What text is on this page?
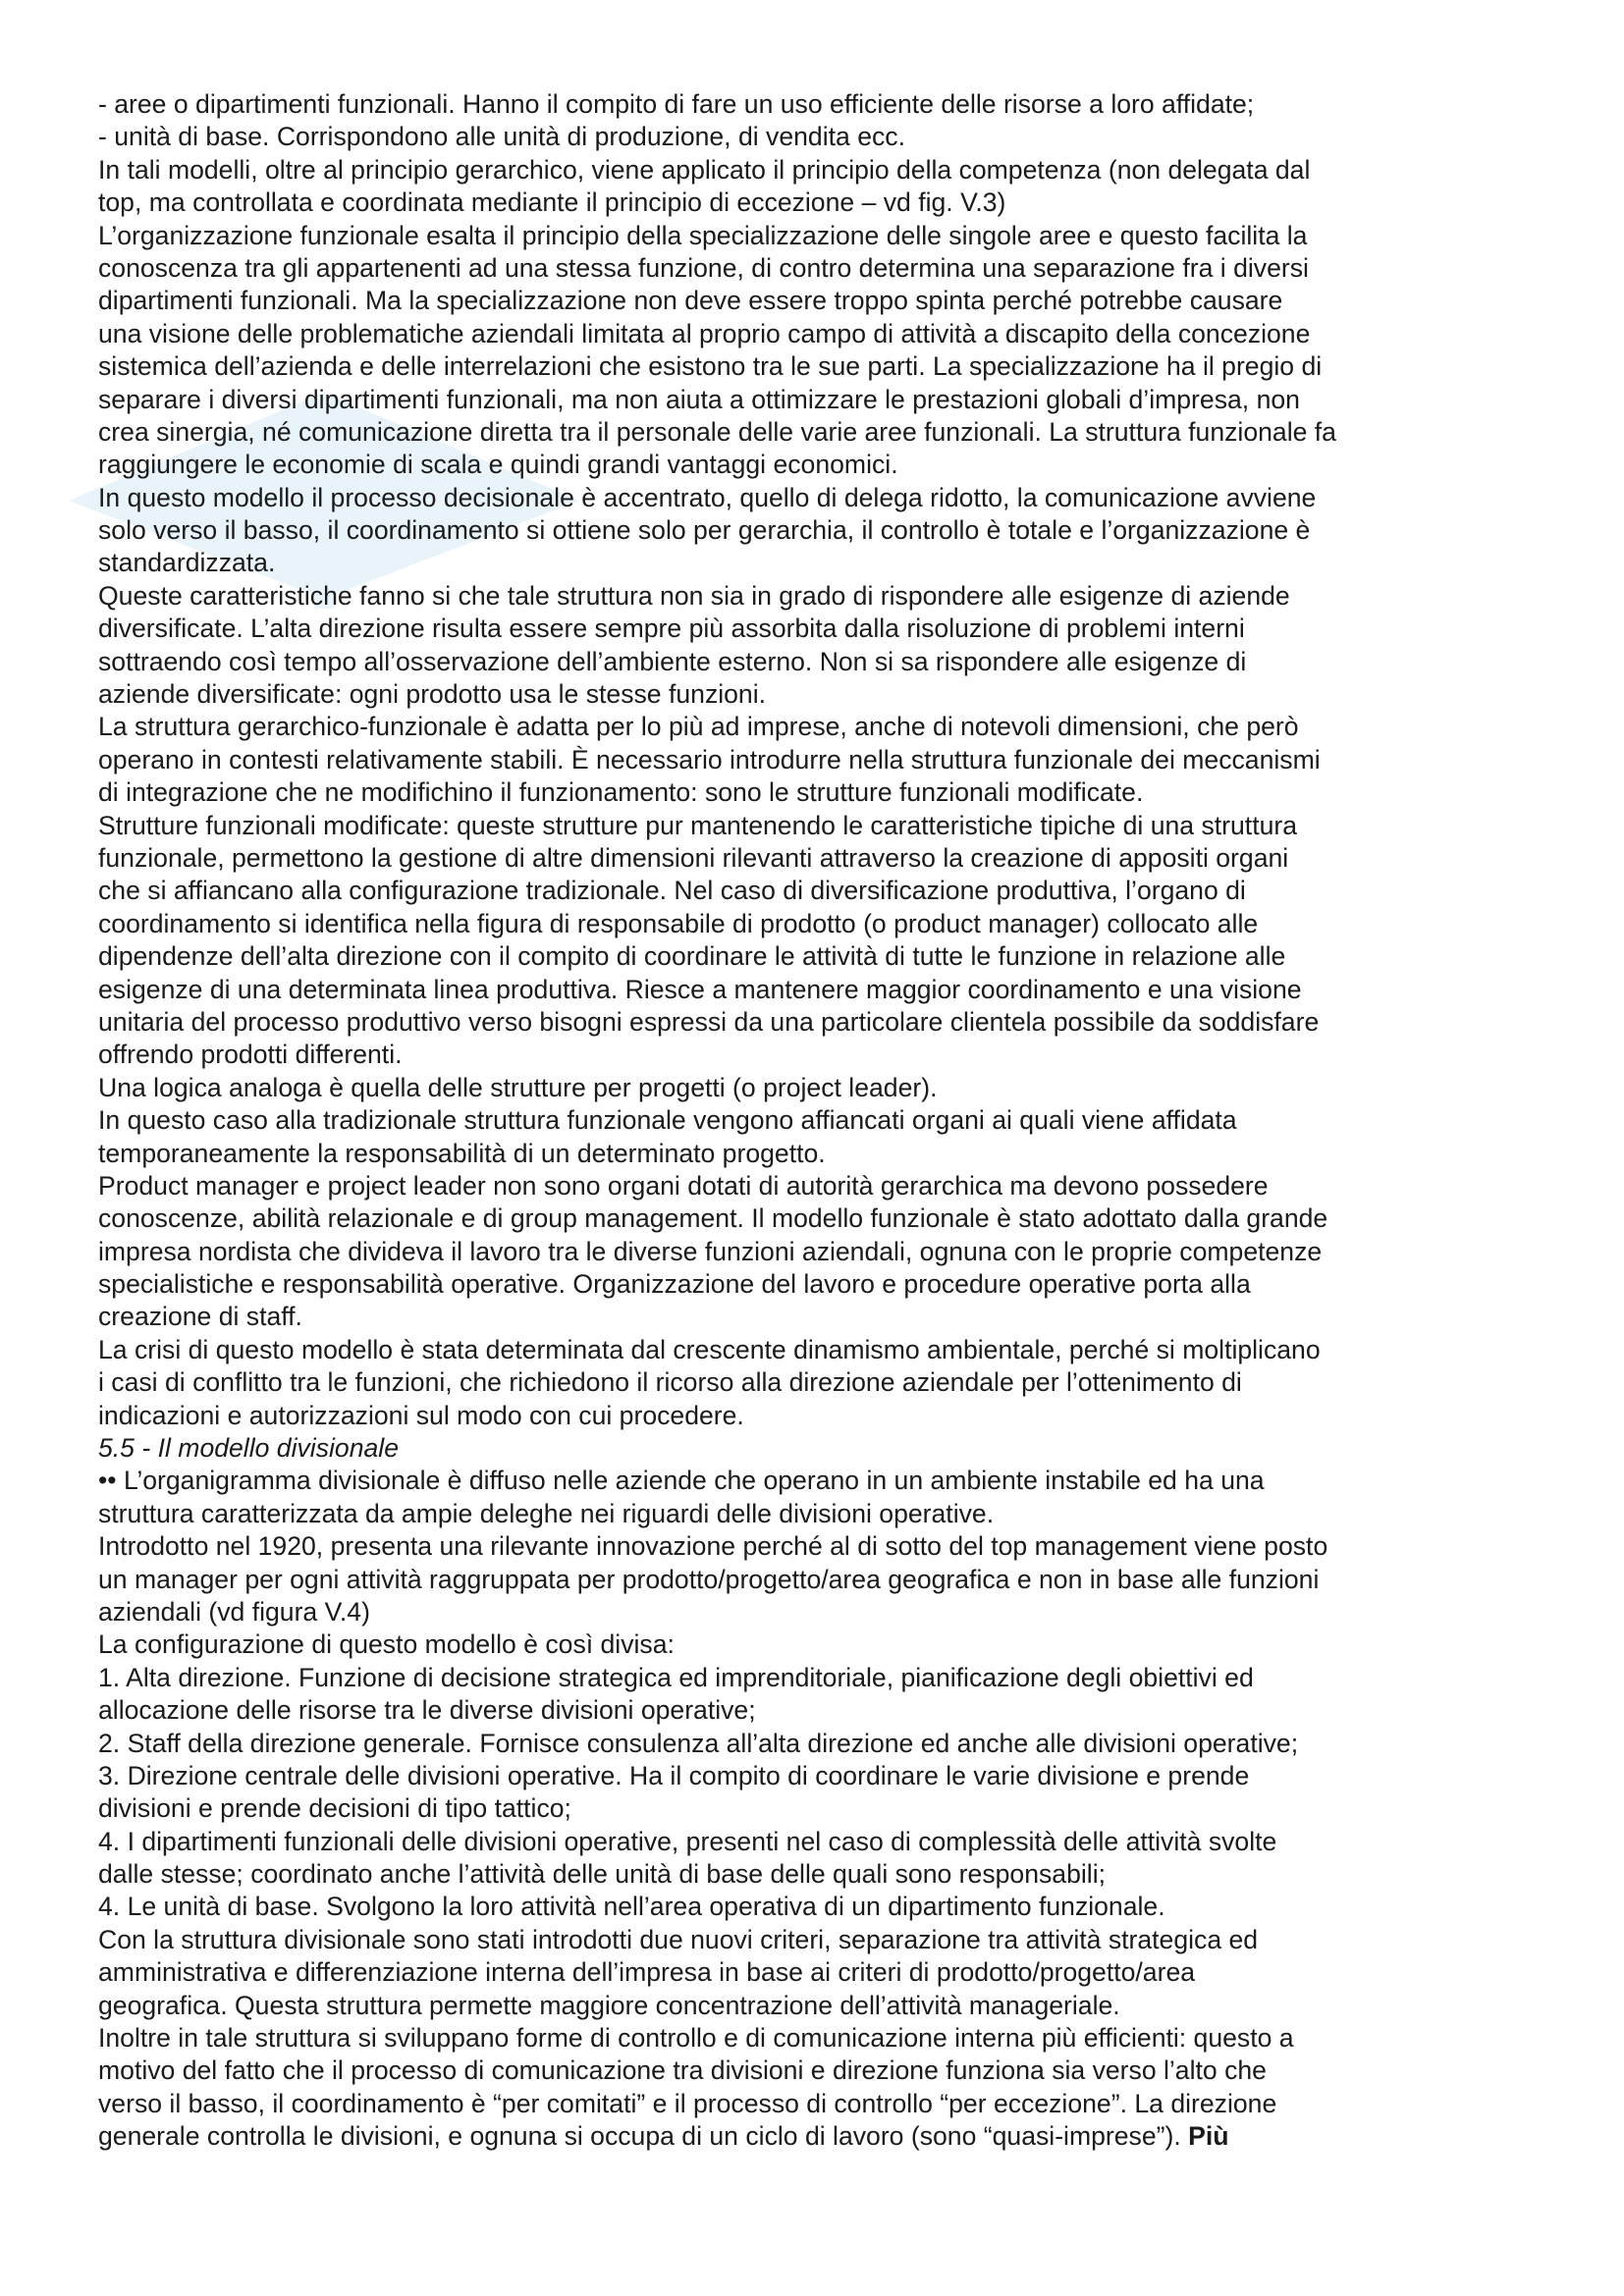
- aree o dipartimenti funzionali. Hanno il compito di fare un uso efficiente delle risorse a loro affidate;
- unità di base. Corrispondono alle unità di produzione, di vendita ecc.
In tali modelli, oltre al principio gerarchico, viene applicato il principio della competenza (non delegata dal
top, ma controllata e coordinata mediante il principio di eccezione – vd fig. V.3)
L’organizzazione funzionale esalta il principio della specializzazione delle singole aree e questo facilita la
conoscenza tra gli appartenenti ad una stessa funzione, di contro determina una separazione fra i diversi
dipartimenti funzionali. Ma la specializzazione non deve essere troppo spinta perché potrebbe causare
una visione delle problematiche aziendali limitata al proprio campo di attività a discapito della concezione
sistemica dell’azienda e delle interrelazioni che esistono tra le sue parti. La specializzazione ha il pregio di
separare i diversi dipartimenti funzionali, ma non aiuta a ottimizzare le prestazioni globali d’impresa, non
crea sinergia, né comunicazione diretta tra il personale delle varie aree funzionali. La struttura funzionale fa
raggiungere le economie di scala e quindi grandi vantaggi economici.
In questo modello il processo decisionale è accentrato, quello di delega ridotto, la comunicazione avviene
solo verso il basso, il coordinamento si ottiene solo per gerarchia, il controllo è totale e l’organizzazione è
standardizzata.
Queste caratteristiche fanno si che tale struttura non sia in grado di rispondere alle esigenze di aziende
diversificate. L’alta direzione risulta essere sempre più assorbita dalla risoluzione di problemi interni
sottraendo così tempo all’osservazione dell’ambiente esterno. Non si sa rispondere alle esigenze di
aziende diversificate: ogni prodotto usa le stesse funzioni.
La struttura gerarchico-funzionale è adatta per lo più ad imprese, anche di notevoli dimensioni, che però
operano in contesti relativamente stabili. È necessario introdurre nella struttura funzionale dei meccanismi
di integrazione che ne modifichino il funzionamento: sono le strutture funzionali modificate.
Strutture funzionali modificate: queste strutture pur mantenendo le caratteristiche tipiche di una struttura
funzionale, permettono la gestione di altre dimensioni rilevanti attraverso la creazione di appositi organi
che si affiancano alla configurazione tradizionale. Nel caso di diversificazione produttiva, l’organo di
coordinamento si identifica nella figura di responsabile di prodotto (o product manager) collocato alle
dipendenze dell’alta direzione con il compito di coordinare le attività di tutte le funzione in relazione alle
esigenze di una determinata linea produttiva. Riesce a mantenere maggior coordinamento e una visione
unitaria del processo produttivo verso bisogni espressi da una particolare clientela possibile da soddisfare
offrendo prodotti differenti.
Una logica analoga è quella delle strutture per progetti (o project leader).
In questo caso alla tradizionale struttura funzionale vengono affiancati organi ai quali viene affidata
temporaneamente la responsabilità di un determinato progetto.
Product manager e project leader non sono organi dotati di autorità gerarchica ma devono possedere
conoscenze, abilità relazionale e di group management. Il modello funzionale è stato adottato dalla grande
impresa nordista che divideva il lavoro tra le diverse funzioni aziendali, ognuna con le proprie competenze
specialistiche e responsabilità operative. Organizzazione del lavoro e procedure operative porta alla
creazione di staff.
La crisi di questo modello è stata determinata dal crescente dinamismo ambientale, perché si moltiplicano
i casi di conflitto tra le funzioni, che richiedono il ricorso alla direzione aziendale per l’ottenimento di
indicazioni e autorizzazioni sul modo con cui procedere.
5.5 - Il modello divisionale
•• L’organigramma divisionale è diffuso nelle aziende che operano in un ambiente instabile ed ha una
struttura caratterizzata da ampie deleghe nei riguardi delle divisioni operative.
Introdotto nel 1920, presenta una rilevante innovazione perché al di sotto del top management viene posto
un manager per ogni attività raggruppata per prodotto/progetto/area geografica e non in base alle funzioni
aziendali (vd figura V.4)
La configurazione di questo modello è così divisa:
1. Alta direzione. Funzione di decisione strategica ed imprenditoriale, pianificazione degli obiettivi ed
allocazione delle risorse tra le diverse divisioni operative;
2. Staff della direzione generale. Fornisce consulenza all’alta direzione ed anche alle divisioni operative;
3. Direzione centrale delle divisioni operative. Ha il compito di coordinare le varie divisione e prende
divisioni e prende decisioni di tipo tattico;
4. I dipartimenti funzionali delle divisioni operative, presenti nel caso di complessità delle attività svolte
dalle stesse; coordinato anche l’attività delle unità di base delle quali sono responsabili;
4. Le unità di base. Svolgono la loro attività nell’area operativa di un dipartimento funzionale.
Con la struttura divisionale sono stati introdotti due nuovi criteri, separazione tra attività strategica ed
amministrativa e differenziazione interna dell’impresa in base ai criteri di prodotto/progetto/area
geografica. Questa struttura permette maggiore concentrazione dell’attività manageriale.
Inoltre in tale struttura si sviluppano forme di controllo e di comunicazione interna più efficienti: questo a
motivo del fatto che il processo di comunicazione tra divisioni e direzione funziona sia verso l’alto che
verso il basso, il coordinamento è “per comitati” e il processo di controllo “per eccezione”. La direzione
generale controlla le divisioni, e ognuna si occupa di un ciclo di lavoro (sono “quasi-imprese”). Più
